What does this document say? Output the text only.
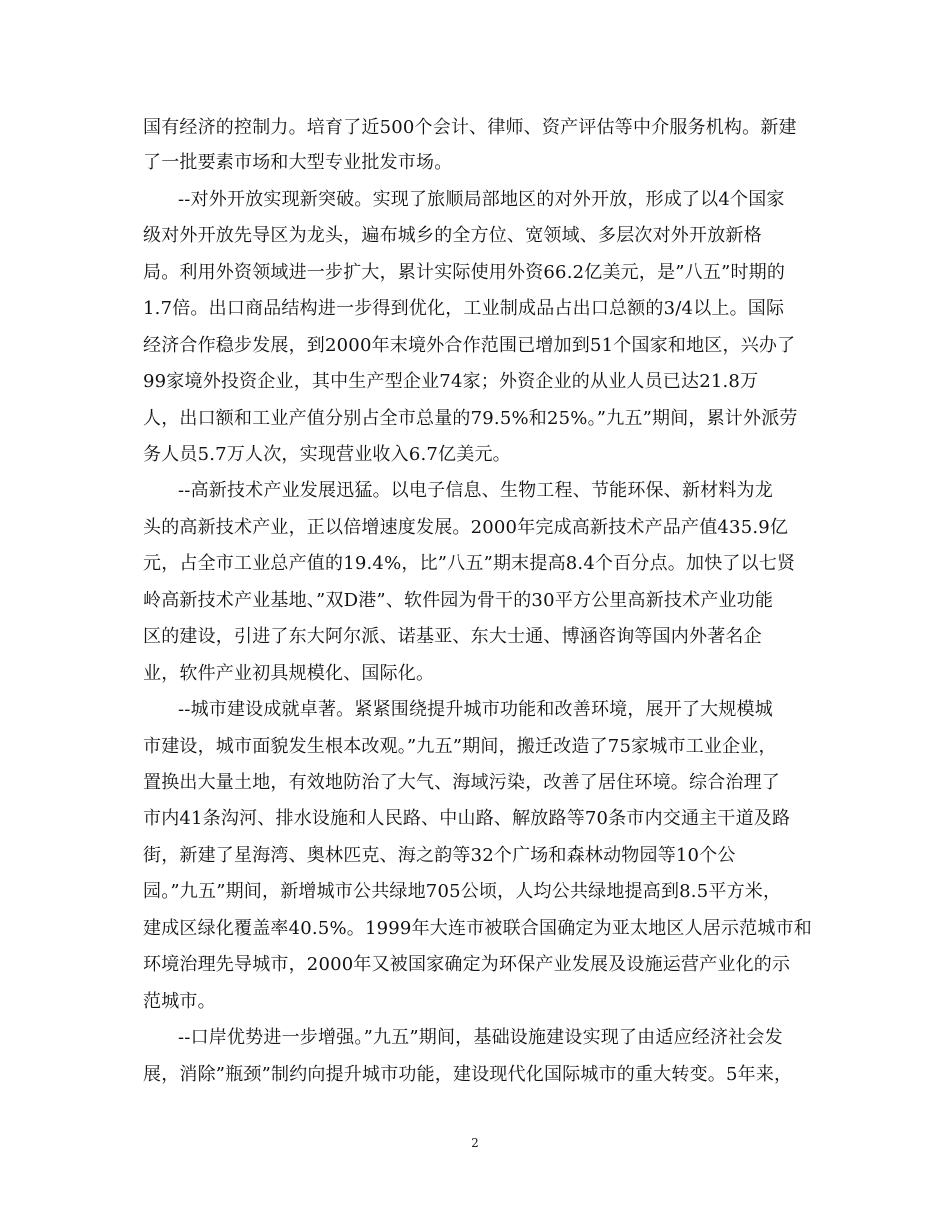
国有经济的控制力。培育了近500个会计、律师、资产评估等中介服务机构。新建
了一批要素市场和大型专业批发市场。
--对外开放实现新突破。实现了旅顺局部地区的对外开放，形成了以4个国家
级对外开放先导区为龙头，遍布城乡的全方位、宽领域、多层次对外开放新格
局。利用外资领域进一步扩大，累计实际使用外资66.2亿美元，是”八五”时期的
1.7倍。出口商品结构进一步得到优化，工业制成品占出口总额的3/4以上。国际
经济合作稳步发展，到2000年末境外合作范围已增加到51个国家和地区，兴办了
99家境外投资企业，其中生产型企业74家；外资企业的从业人员已达21.8万
人，出口额和工业产值分别占全市总量的79.5%和25%。”九五”期间，累计外派劳
务人员5.7万人次，实现营业收入6.7亿美元。
--高新技术产业发展迅猛。以电子信息、生物工程、节能环保、新材料为龙
头的高新技术产业，正以倍增速度发展。2000年完成高新技术产品产值435.9亿
元，占全市工业总产值的19.4%，比”八五”期末提高8.4个百分点。加快了以七贤
岭高新技术产业基地、”双D港”、软件园为骨干的30平方公里高新技术产业功能
区的建设，引进了东大阿尔派、诺基亚、东大士通、博涵咨询等国内外著名企
业，软件产业初具规模化、国际化。
--城市建设成就卓著。紧紧围绕提升城市功能和改善环境，展开了大规模城
市建设，城市面貌发生根本改观。”九五”期间，搬迁改造了75家城市工业企业，
置换出大量土地，有效地防治了大气、海域污染，改善了居住环境。综合治理了
市内41条沟河、排水设施和人民路、中山路、解放路等70条市内交通主干道及路
街，新建了星海湾、奥林匹克、海之韵等32个广场和森林动物园等10个公
园。”九五”期间，新增城市公共绿地705公顷，人均公共绿地提高到8.5平方米，
建成区绿化覆盖率40.5%。1999年大连市被联合国确定为亚太地区人居示范城市和
环境治理先导城市，2000年又被国家确定为环保产业发展及设施运营产业化的示
范城市。
--口岸优势进一步增强。”九五”期间，基础设施建设实现了由适应经济社会发
展，消除”瓶颈”制约向提升城市功能，建设现代化国际城市的重大转变。5年来，
2
